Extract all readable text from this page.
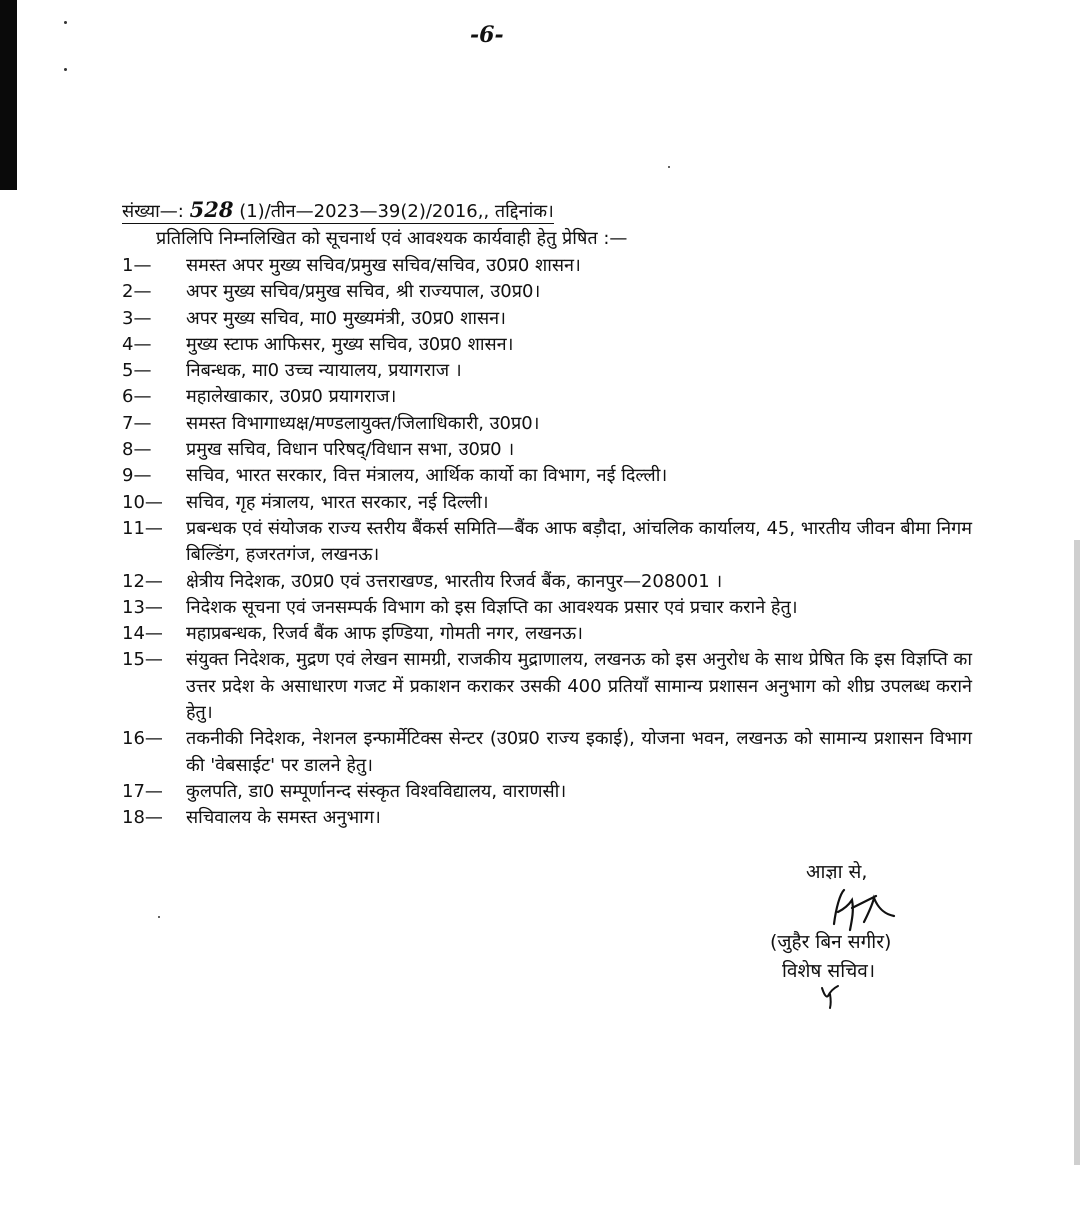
-6-
संख्या—: 528 (1)/तीन—2023—39(2)/2016,, तद्दिनांक।
प्रतिलिपि निम्नलिखित को सूचनार्थ एवं आवश्यक कार्यवाही हेतु प्रेषित :—
1—	समस्त अपर मुख्य सचिव/प्रमुख सचिव/सचिव, उ0प्र0 शासन।
2—	अपर मुख्य सचिव/प्रमुख सचिव, श्री राज्यपाल, उ0प्र0।
3—	अपर मुख्य सचिव, मा0 मुख्यमंत्री, उ0प्र0 शासन।
4—	मुख्य स्टाफ आफिसर, मुख्य सचिव, उ0प्र0 शासन।
5—	निबन्धक, मा0 उच्च न्यायालय, प्रयागराज ।
6—	महालेखाकार, उ0प्र0 प्रयागराज।
7—	समस्त विभागाध्यक्ष/मण्डलायुक्त/जिलाधिकारी, उ0प्र0।
8—	प्रमुख सचिव, विधान परिषद्/विधान सभा, उ0प्र0 ।
9—	सचिव, भारत सरकार, वित्त मंत्रालय, आर्थिक कार्यो का विभाग, नई दिल्ली।
10—	सचिव, गृह मंत्रालय, भारत सरकार, नई दिल्ली।
11—	प्रबन्धक एवं संयोजक राज्य स्तरीय बैंकर्स समिति—बैंक आफ बड़ौदा, आंचलिक कार्यालय, 45, भारतीय जीवन बीमा निगम बिल्डिंग, हजरतगंज, लखनऊ।
12—	क्षेत्रीय निदेशक, उ0प्र0 एवं उत्तराखण्ड, भारतीय रिजर्व बैंक, कानपुर—208001 ।
13—	निदेशक सूचना एवं जनसम्पर्क विभाग को इस विज्ञप्ति का आवश्यक प्रसार एवं प्रचार कराने हेतु।
14—	महाप्रबन्धक, रिजर्व बैंक आफ इण्डिया, गोमती नगर, लखनऊ।
15—	संयुक्त निदेशक, मुद्रण एवं लेखन सामग्री, राजकीय मुद्राणालय, लखनऊ को इस अनुरोध के साथ प्रेषित कि इस विज्ञप्ति का उत्तर प्रदेश के असाधारण गजट में प्रकाशन कराकर उसकी 400 प्रतियॉं सामान्य प्रशासन अनुभाग को शीघ्र उपलब्ध कराने हेतु।
16—	तकनीकी निदेशक, नेशनल इन्फार्मेटिक्स सेन्टर (उ0प्र0 राज्य इकाई), योजना भवन, लखनऊ को सामान्य प्रशासन विभाग की 'वेबसाईट' पर डालने हेतु।
17—	कुलपति, डा0 सम्पूर्णानन्द संस्कृत विश्वविद्यालय, वाराणसी।
18—	सचिवालय के समस्त अनुभाग।
आज्ञा से,
(जुहैर बिन सगीर)
विशेष सचिव।
